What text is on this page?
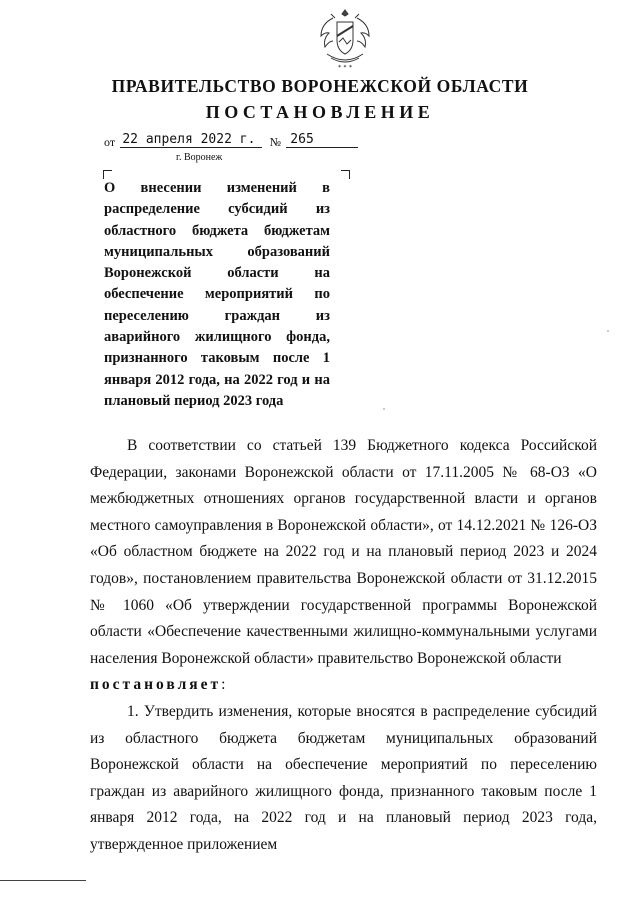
✶ ✶ ✶
ПРАВИТЕЛЬСТВО ВОРОНЕЖСКОЙ ОБЛАСТИ
ПОСТАНОВЛЕНИЕ
от 22 апреля 2022 г. № 265
г. Воронеж
О внесении изменений в распределение субсидий из областного бюджета бюджетам муниципальных образований Воронежской области на обеспечение мероприятий по переселению граждан из аварийного жилищного фонда, признанного таковым после 1 января 2012 года, на 2022 год и на плановый период 2023 года

В соответствии со статьей 139 Бюджетного кодекса Российской Федерации, законами Воронежской области от 17.11.2005 № 68-ОЗ «О межбюджетных отношениях органов государственной власти и органов местного самоуправления в Воронежской области», от 14.12.2021 № 126-ОЗ «Об областном бюджете на 2022 год и на плановый период 2023 и 2024 годов», постановлением правительства Воронежской области от 31.12.2015 № 1060 «Об утверждении государственной программы Воронежской области «Обеспечение качественными жилищно-коммунальными услугами населения Воронежской области» правительство Воронежской области

постановляет:

1. Утвердить изменения, которые вносятся в распределение субсидий из областного бюджета бюджетам муниципальных образований Воронежской области на обеспечение мероприятий по переселению граждан из аварийного жилищного фонда, признанного таковым после 1 января 2012 года, на 2022 год и на плановый период 2023 года, утвержденное приложением
